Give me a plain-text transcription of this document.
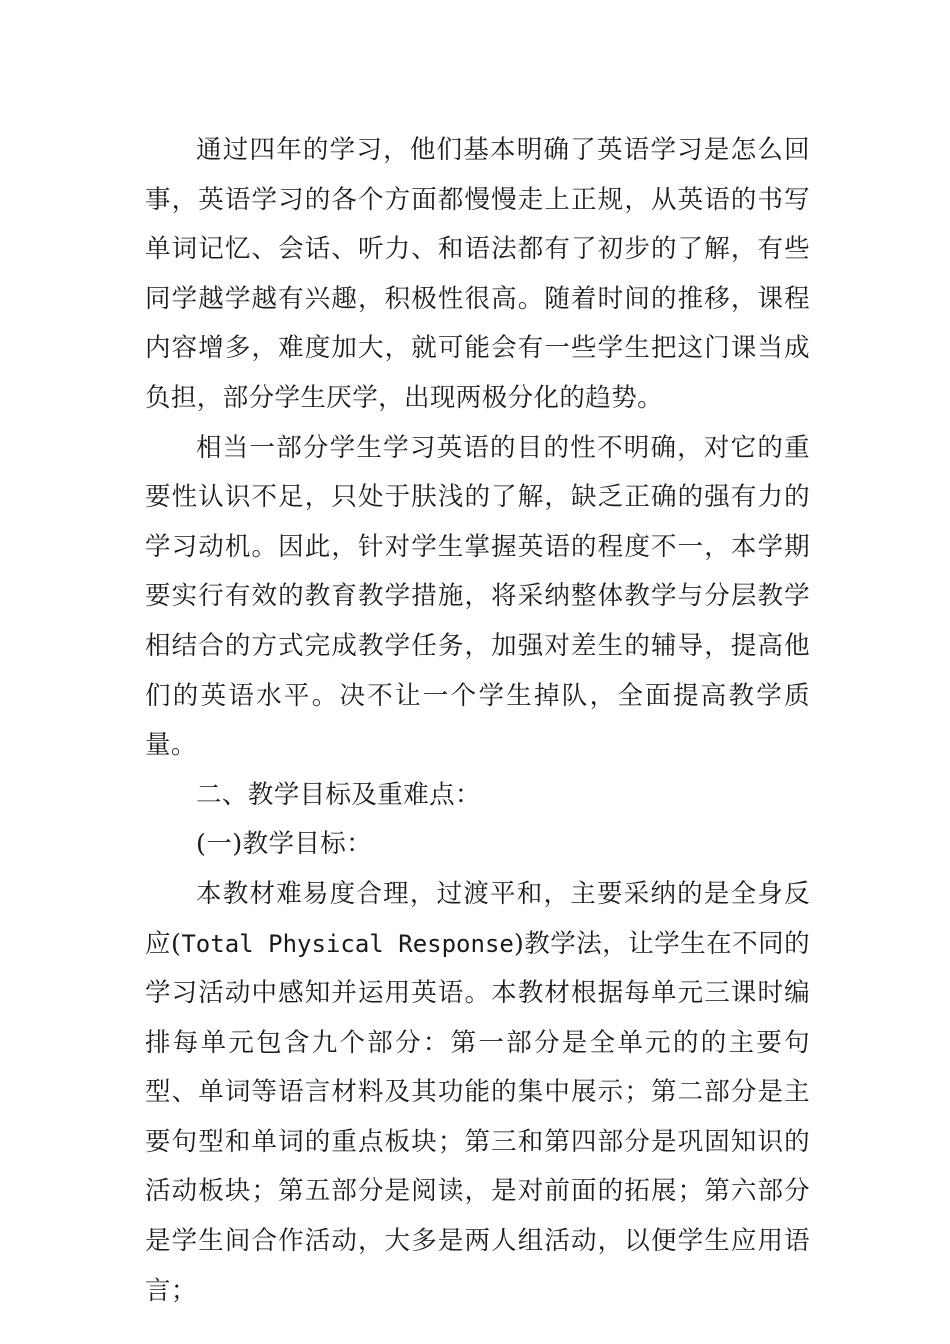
通过四年的学习，他们基本明确了英语学习是怎么回事，英语学习的各个方面都慢慢走上正规，从英语的书写单词记忆、会话、听力、和语法都有了初步的了解，有些同学越学越有兴趣，积极性很高。随着时间的推移，课程内容增多，难度加大，就可能会有一些学生把这门课当成负担，部分学生厌学，出现两极分化的趋势。

相当一部分学生学习英语的目的性不明确，对它的重要性认识不足，只处于肤浅的了解，缺乏正确的强有力的学习动机。因此，针对学生掌握英语的程度不一，本学期要实行有效的教育教学措施，将采纳整体教学与分层教学相结合的方式完成教学任务，加强对差生的辅导，提高他们的英语水平。决不让一个学生掉队，全面提高教学质量。

二、教学目标及重难点：

(一)教学目标：

本教材难易度合理，过渡平和，主要采纳的是全身反应(Total Physical Response)教学法，让学生在不同的学习活动中感知并运用英语。本教材根据每单元三课时编排每单元包含九个部分：第一部分是全单元的的主要句型、单词等语言材料及其功能的集中展示；第二部分是主要句型和单词的重点板块；第三和第四部分是巩固知识的活动板块；第五部分是阅读，是对前面的拓展；第六部分是学生间合作活动，大多是两人组活动，以便学生应用语言；
